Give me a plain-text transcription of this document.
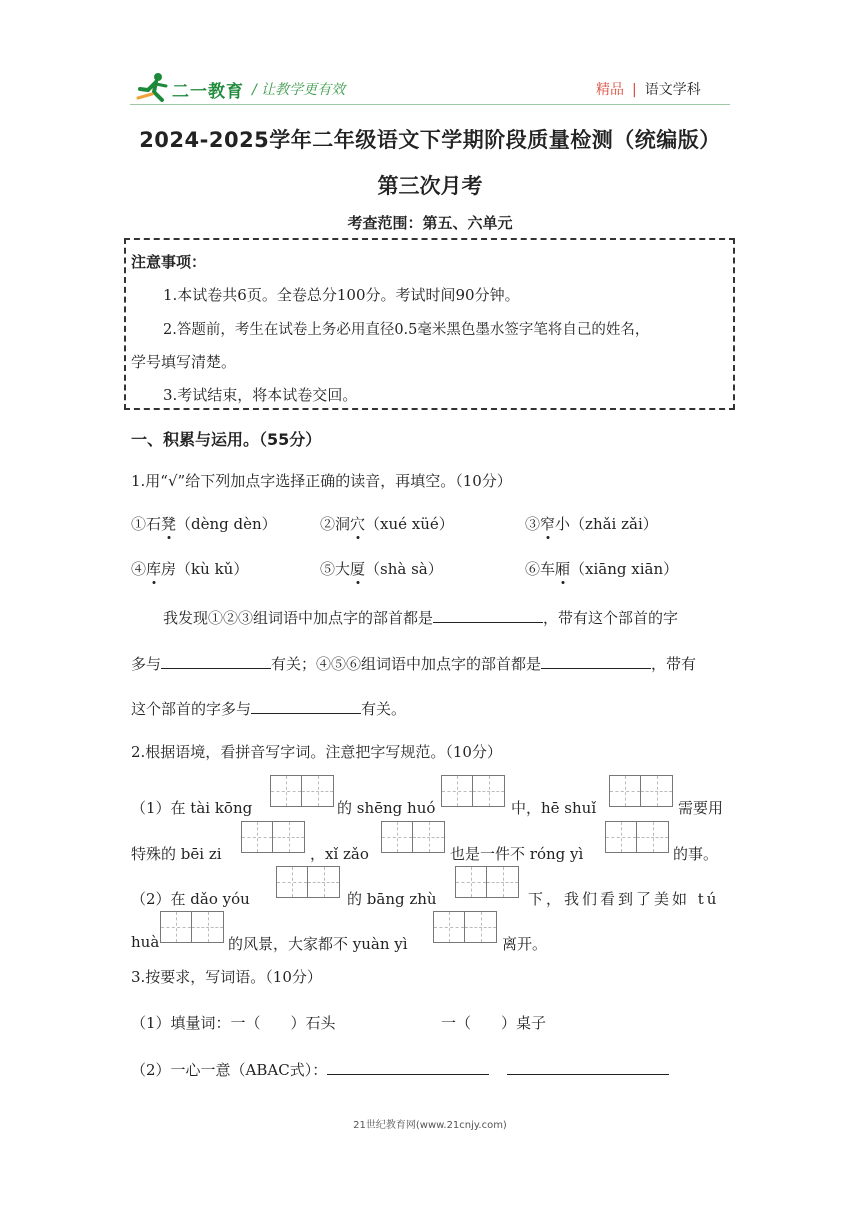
二一教育 / 让教学更有效	精品 | 语文学科
2024-2025学年二年级语文下学期阶段质量检测（统编版）
第三次月考
考查范围：第五、六单元
注意事项：
1.本试卷共6页。全卷总分100分。考试时间90分钟。
2.答题前，考生在试卷上务必用直径0.5毫米黑色墨水签字笔将自己的姓名，
学号填写清楚。
3.考试结束，将本试卷交回。
一、积累与运用。（55分）
1.用“√”给下列加点字选择正确的读音，再填空。（10分）
①石凳（dèng dèn）	②洞穴（xué xüé）	③窄小（zhǎi zǎi）
④库房（kù kǔ）	⑤大厦（shà sà）	⑥车厢（xiāng xiān）
我发现①②③组词语中加点字的部首都是	，带有这个部首的字
多与	有关；④⑤⑥组词语中加点字的部首都是	，带有
这个部首的字多与	有关。
2.根据语境，看拼音写字词。注意把字写规范。（10分）
（1）在 tài kōng	的 shēng huó	中，hē shuǐ	需要用
特殊的 bēi zi	，xǐ zǎo	也是一件不 róng yì	的事。
（2）在 dǎo yóu	的 bāng zhù	下，我们看到了美如 tú
huà	的风景，大家都不 yuàn yì	离开。
3.按要求，写词语。（10分）
（1）填量词：一（　　）石头	一（　　）桌子
（2）一心一意（ABAC式）：
21世纪教育网(www.21cnjy.com)
